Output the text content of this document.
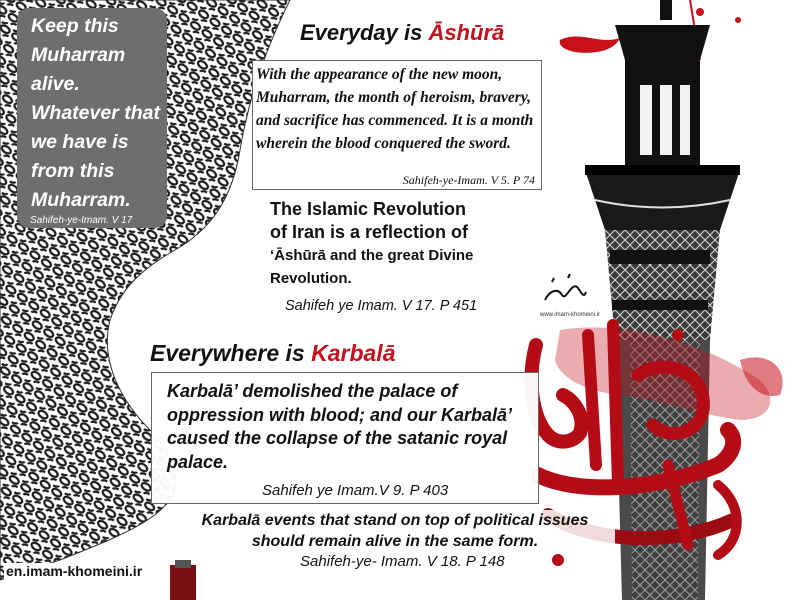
www.imam-khomeini.ir
Keep this Muharram alive. Whatever that we have is from this Muharram.
Sahifeh-ye-Imam. V 17
Everyday is Āshūrā
With the appearance of the new moon, Muharram, the month of heroism, bravery, and sacrifice has commenced. It is a month wherein the blood conquered the sword.
Sahifeh-ye-Imam. V 5. P 74
The Islamic Revolution
of Iran is a reflection of
‘Āshūrā and the great Divine
Revolution.
Sahifeh ye Imam. V 17. P 451
Everywhere is Karbalā
Karbalā’ demolished the palace of oppression with blood; and our Karbalā’ caused the collapse of the satanic royal palace.
Sahifeh ye Imam.V 9. P 403
Karbalā events that stand on top of political issues should remain alive in the same form.
Sahifeh-ye- Imam. V 18. P 148
en.imam-khomeini.ir
